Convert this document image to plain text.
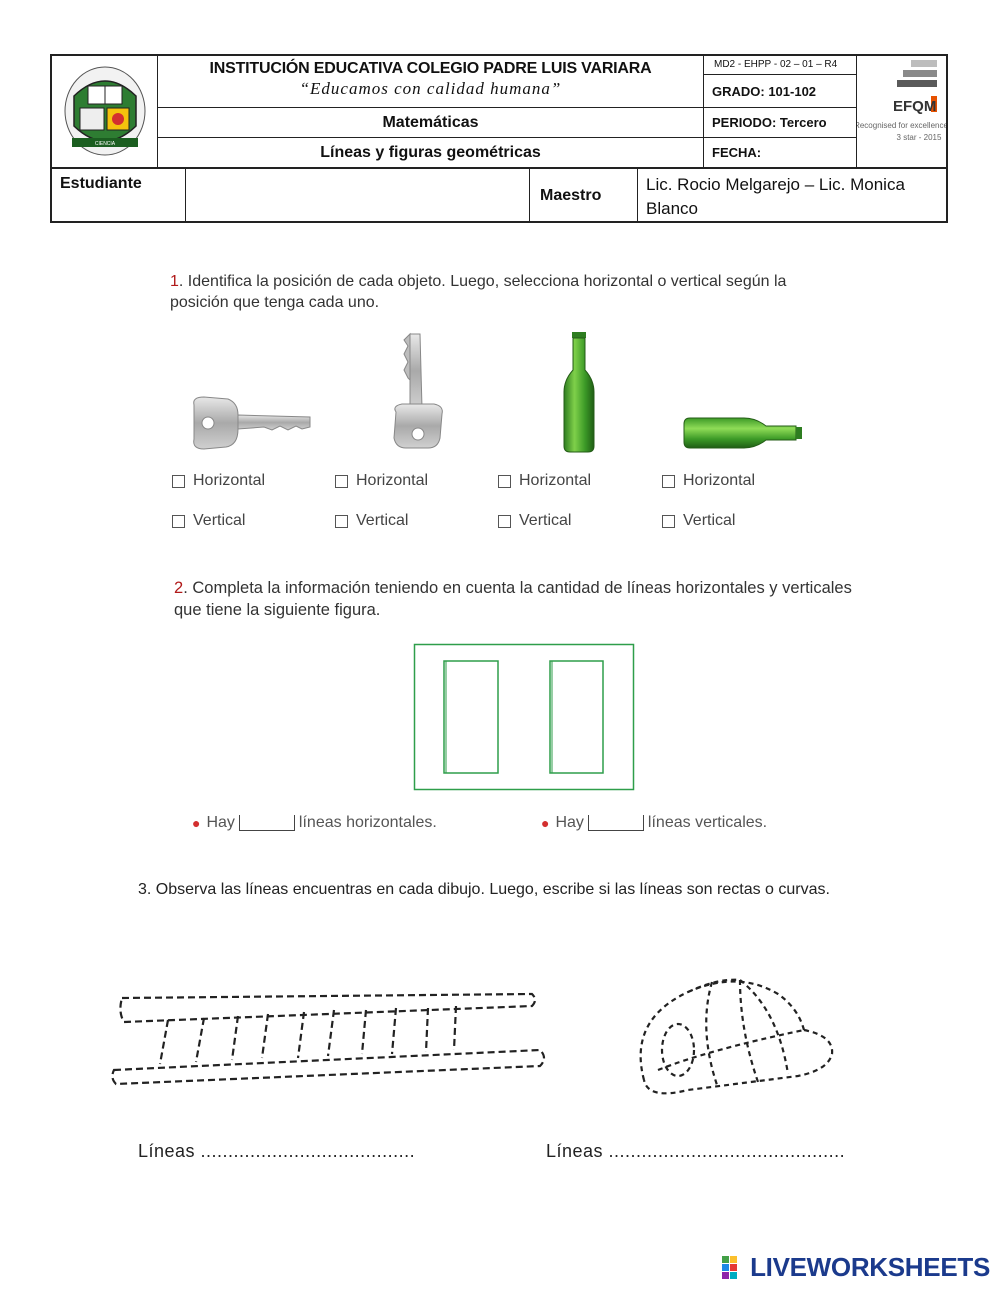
CIENCIA
INSTITUCIÓN EDUCATIVA COLEGIO PADRE LUIS VARIARA
“Educamos con calidad humana”
Matemáticas
Líneas y figuras geométricas
MD2 - EHPP - 02 – 01 – R4
GRADO: 101-102
PERIODO: Tercero
FECHA:
EFQM
Recognised for excellence
3 star - 2015
Estudiante
Maestro
Lic. Rocio Melgarejo – Lic. Monica Blanco
1. Identifica la posición de cada objeto. Luego, selecciona horizontal o vertical según la posición que tenga cada uno.
Horizontal
Vertical
Horizontal
Vertical
Horizontal
Vertical
Horizontal
Vertical
2. Completa la información teniendo en cuenta la cantidad de líneas horizontales y verticales que tiene la siguiente figura.
● Hay	líneas horizontales.	● Hay	líneas verticales.
3. Observa las líneas encuentras en cada dibujo. Luego, escribe si las líneas son rectas o curvas.
Líneas .......................................	Líneas ...........................................
LIVEWORKSHEETS
